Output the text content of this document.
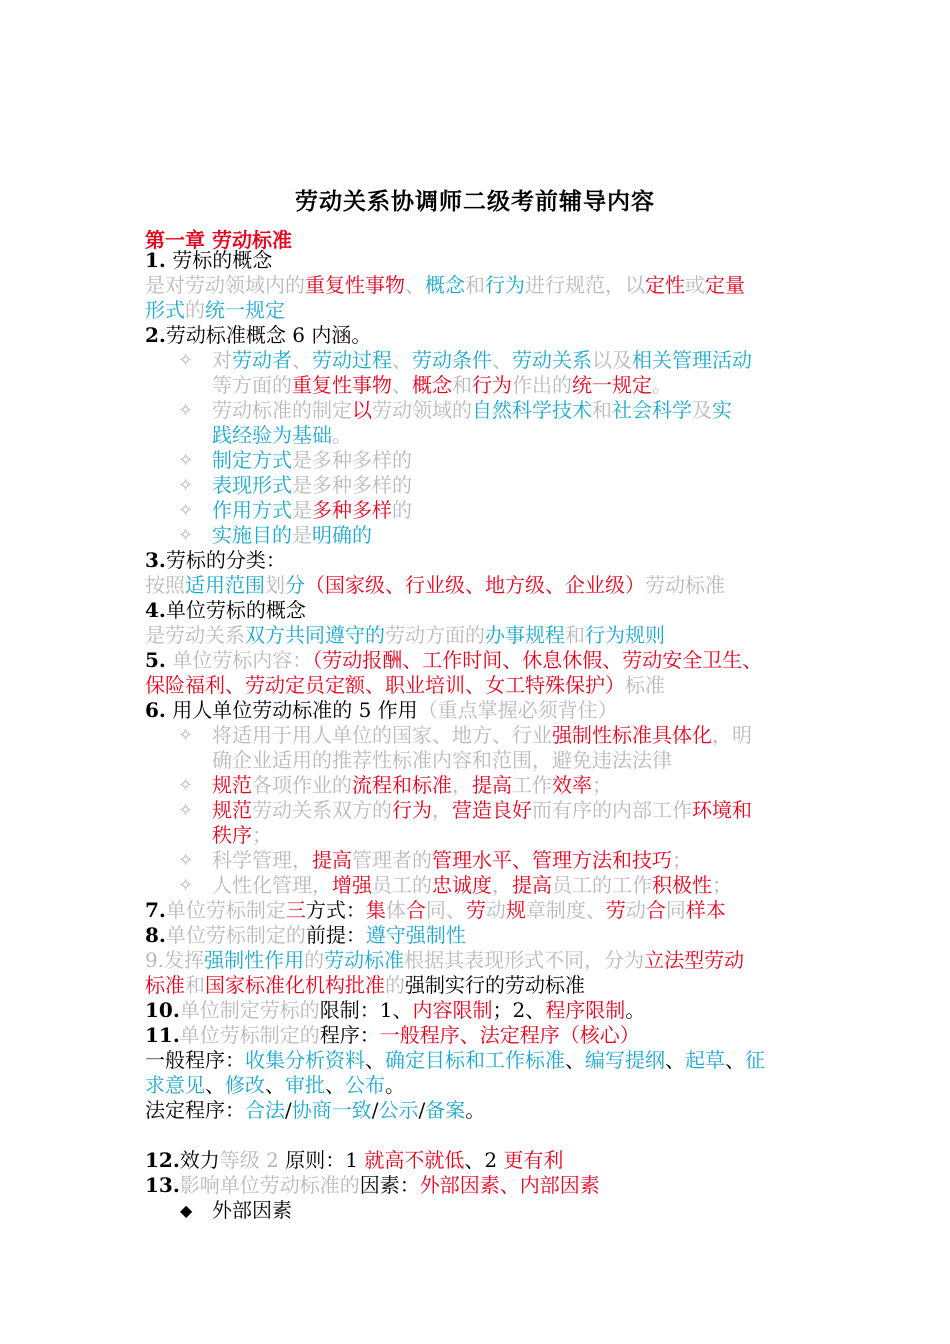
劳动关系协调师二级考前辅导内容
第一章 劳动标准
1. 劳标的概念
是对劳动领域内的重复性事物、概念和行为进行规范，以定性或定量
形式的统一规定
2.劳动标准概念 6 内涵。
✧ 对劳动者、劳动过程、劳动条件、劳动关系以及相关管理活动
等方面的重复性事物、概念和行为作出的统一规定。
✧ 劳动标准的制定以劳动领域的自然科学技术和社会科学及实
践经验为基础。
✧ 制定方式是多种多样的
✧ 表现形式是多种多样的
✧ 作用方式是多种多样的
✧ 实施目的是明确的
3.劳标的分类：
按照适用范围划分（国家级、行业级、地方级、企业级）劳动标准
4.单位劳标的概念
是劳动关系双方共同遵守的劳动方面的办事规程和行为规则
5. 单位劳标内容：（劳动报酬、工作时间、休息休假、劳动安全卫生、
保险福利、劳动定员定额、职业培训、女工特殊保护）标准
6. 用人单位劳动标准的 5 作用（重点掌握必须背住）
✧ 将适用于用人单位的国家、地方、行业强制性标准具体化，明
确企业适用的推荐性标准内容和范围，避免违法法律
✧ 规范各项作业的流程和标准，提高工作效率；
✧ 规范劳动关系双方的行为，营造良好而有序的内部工作环境和
秩序；
✧ 科学管理，提高管理者的管理水平、管理方法和技巧；
✧ 人性化管理，增强员工的忠诚度，提高员工的工作积极性；
7.单位劳标制定三方式：集体合同、劳动规章制度、劳动合同样本
8.单位劳标制定的前提：遵守强制性
9.发挥强制性作用的劳动标准根据其表现形式不同，分为立法型劳动
标准和国家标准化机构批准的强制实行的劳动标准
10.单位制定劳标的限制：1、内容限制；2、程序限制。
11.单位劳标制定的程序：一般程序、法定程序（核心）
一般程序：收集分析资料、确定目标和工作标准、编写提纲、起草、征
求意见、修改、审批、公布。
法定程序：合法/协商一致/公示/备案。
12.效力等级 2 原则：1 就高不就低、2 更有利
13.影响单位劳动标准的因素：外部因素、内部因素
◆ 外部因素
